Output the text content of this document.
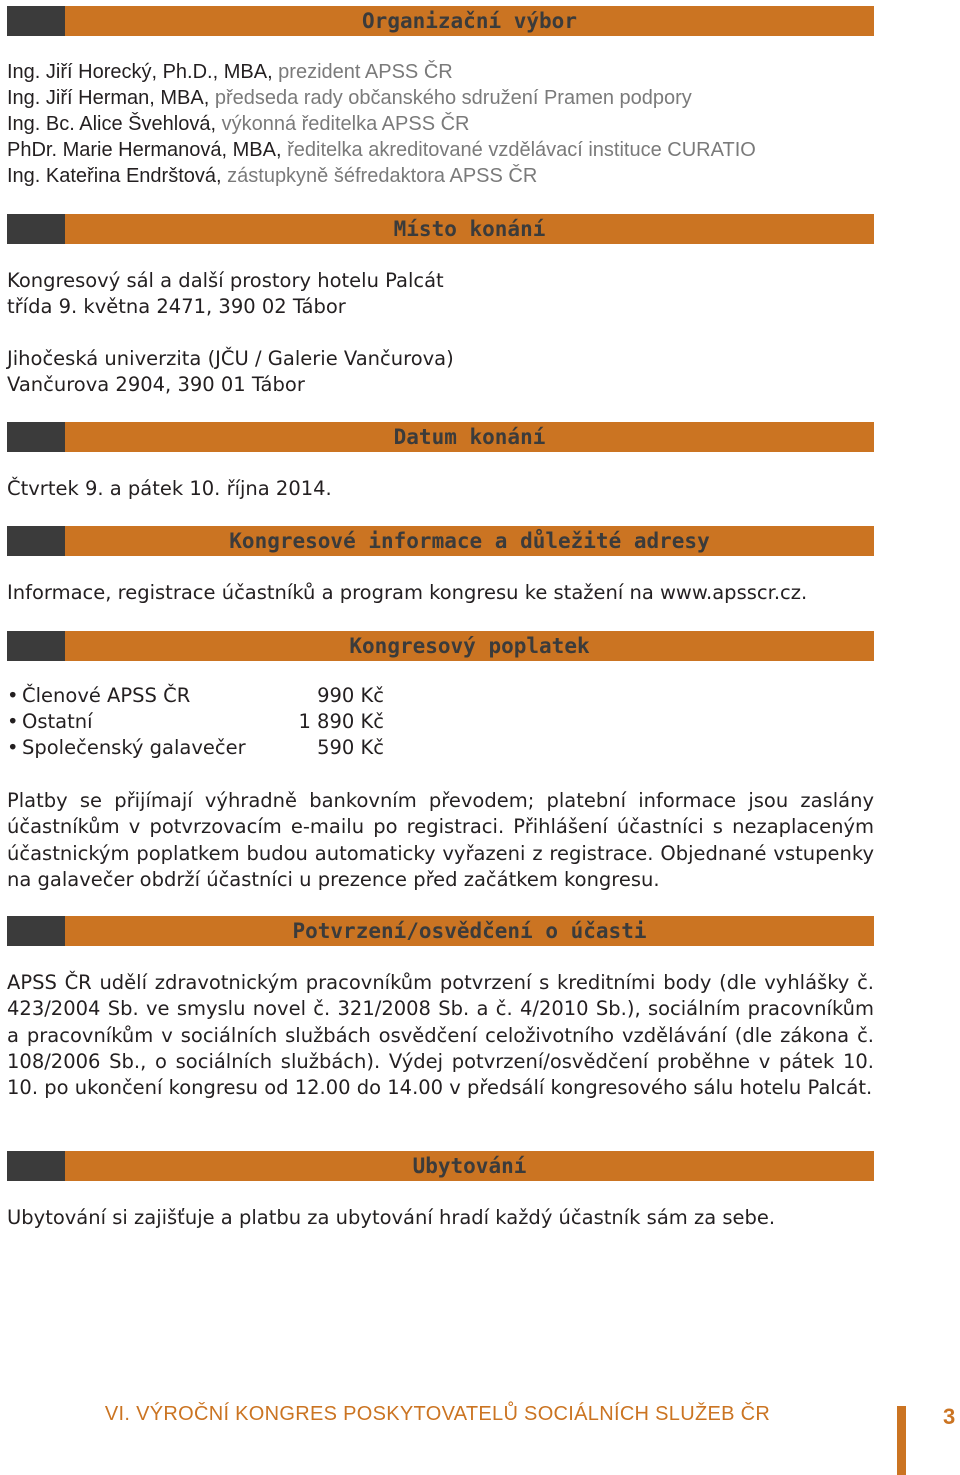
Organizační výbor
Ing. Jiří Horecký, Ph.D., MBA, prezident APSS ČR
Ing. Jiří Herman, MBA, předseda rady občanského sdružení Pramen podpory
Ing. Bc. Alice Švehlová, výkonná ředitelka APSS ČR
PhDr. Marie Hermanová, MBA, ředitelka akreditované vzdělávací instituce CURATIO
Ing. Kateřina Endrštová, zástupkyně šéfredaktora APSS ČR
Místo konání
Kongresový sál a další prostory hotelu Palcát
třída 9. května 2471, 390 02 Tábor
Jihočeská univerzita (JČU / Galerie Vančurova)
Vančurova 2904, 390 01 Tábor
Datum konání
Čtvrtek 9. a pátek 10. října 2014.
Kongresové informace a důležité adresy
Informace, registrace účastníků a program kongresu ke stažení na www.apsscr.cz.
Kongresový poplatek
• Členové APSS ČR	990 Kč
• Ostatní	1 890 Kč
• Společenský galavečer	590 Kč
Platby se přijímají výhradně bankovním převodem; platební informace jsou zaslány účastníkům v potvrzovacím e-mailu po registraci. Přihlášení účastníci s nezaplaceným účastnickým poplatkem budou automaticky vyřazeni z registrace. Objednané vstupenky na galavečer obdrží účastníci u prezence před začátkem kongresu.
Potvrzení/osvědčení o účasti
APSS ČR udělí zdravotnickým pracovníkům potvrzení s kreditními body (dle vyhlášky č. 423/2004 Sb. ve smyslu novel č. 321/2008 Sb. a č. 4/2010 Sb.), sociálním pracovníkům a pracovníkům v sociálních službách osvědčení celoživotního vzdělávání (dle zákona č. 108/2006 Sb., o sociálních službách). Výdej potvrzení/osvědčení proběhne v pátek 10. 10. po ukončení kongresu od 12.00 do 14.00 v předsálí kongresového sálu hotelu Palcát.
Ubytování
Ubytování si zajišťuje a platbu za ubytování hradí každý účastník sám za sebe.
VI. VÝROČNÍ KONGRES POSKYTOVATELŮ SOCIÁLNÍCH SLUŽEB ČR	3
